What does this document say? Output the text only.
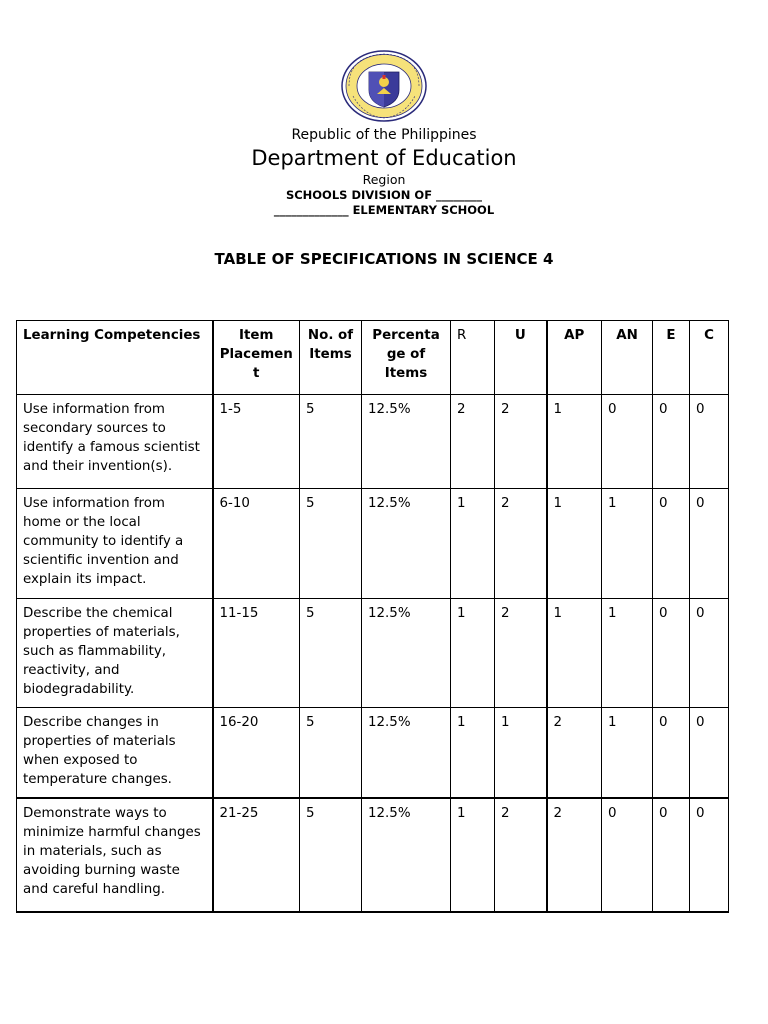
Republic of the Philippines
Department of Education
Region
SCHOOLS DIVISION OF ________
_____________ ELEMENTARY SCHOOL
TABLE OF SPECIFICATIONS IN SCIENCE 4
Learning Competencies	Item Placement	No. of Items	Percentage of Items	R	U	AP	AN	E	C
Use information from secondary sources to identify a famous scientist and their invention(s).	1-5	5	12.5%	2	2	1	0	0	0
Use information from home or the local community to identify a scientific invention and explain its impact.	6-10	5	12.5%	1	2	1	1	0	0
Describe the chemical properties of materials, such as flammability, reactivity, and biodegradability.	11-15	5	12.5%	1	2	1	1	0	0
Describe changes in properties of materials when exposed to temperature changes.	16-20	5	12.5%	1	1	2	1	0	0
Demonstrate ways to minimize harmful changes in materials, such as avoiding burning waste and careful handling.	21-25	5	12.5%	1	2	2	0	0	0
